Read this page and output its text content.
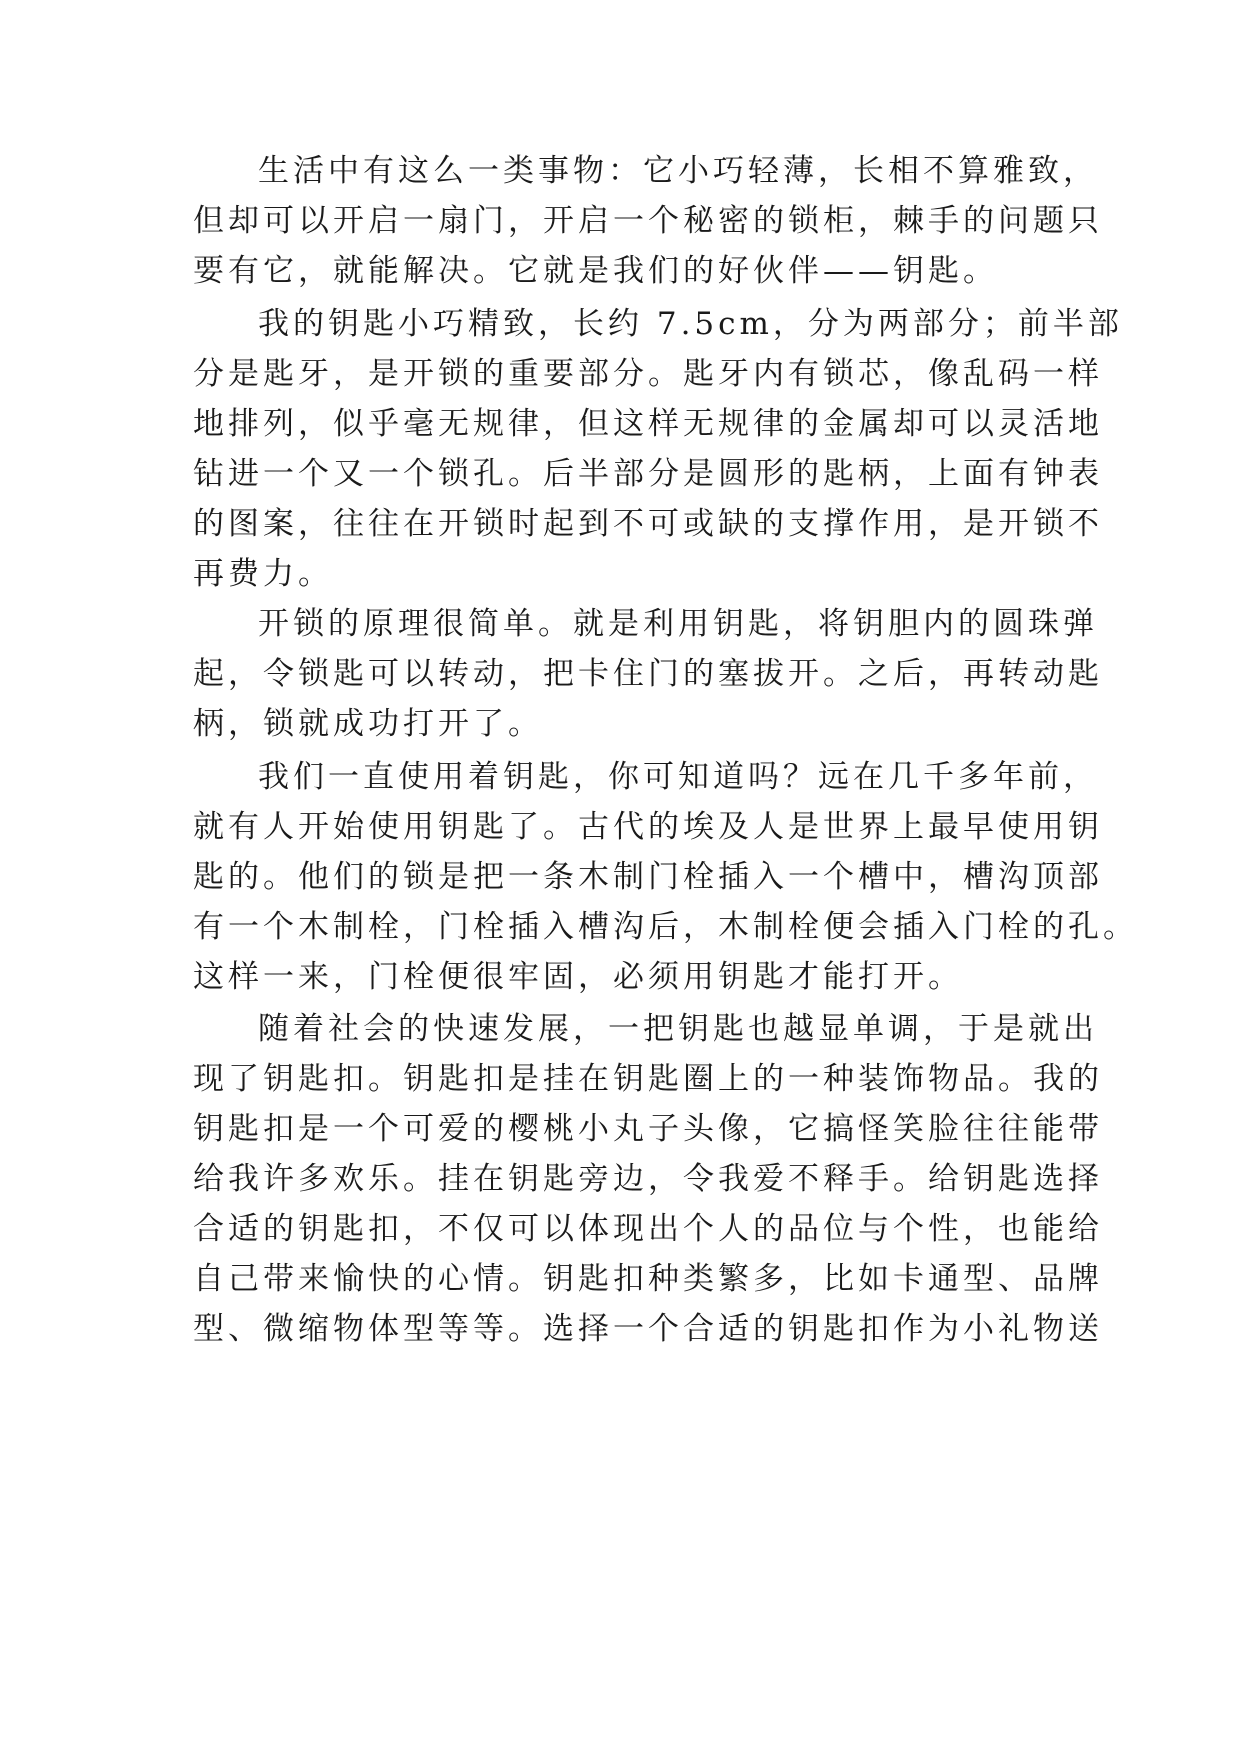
生活中有这么一类事物：它小巧轻薄，长相不算雅致，
但却可以开启一扇门，开启一个秘密的锁柜，棘手的问题只
要有它，就能解决。它就是我们的好伙伴——钥匙。
我的钥匙小巧精致，长约 7.5cm，分为两部分；前半部
分是匙牙，是开锁的重要部分。匙牙内有锁芯，像乱码一样
地排列，似乎毫无规律，但这样无规律的金属却可以灵活地
钻进一个又一个锁孔。后半部分是圆形的匙柄，上面有钟表
的图案，往往在开锁时起到不可或缺的支撑作用，是开锁不
再费力。
开锁的原理很简单。就是利用钥匙，将钥胆内的圆珠弹
起，令锁匙可以转动，把卡住门的塞拔开。之后，再转动匙
柄，锁就成功打开了。
我们一直使用着钥匙，你可知道吗？远在几千多年前，
就有人开始使用钥匙了。古代的埃及人是世界上最早使用钥
匙的。他们的锁是把一条木制门栓插入一个槽中，槽沟顶部
有一个木制栓，门栓插入槽沟后，木制栓便会插入门栓的孔。
这样一来，门栓便很牢固，必须用钥匙才能打开。
随着社会的快速发展，一把钥匙也越显单调，于是就出
现了钥匙扣。钥匙扣是挂在钥匙圈上的一种装饰物品。我的
钥匙扣是一个可爱的樱桃小丸子头像，它搞怪笑脸往往能带
给我许多欢乐。挂在钥匙旁边，令我爱不释手。给钥匙选择
合适的钥匙扣，不仅可以体现出个人的品位与个性，也能给
自己带来愉快的心情。钥匙扣种类繁多，比如卡通型、品牌
型、微缩物体型等等。选择一个合适的钥匙扣作为小礼物送
